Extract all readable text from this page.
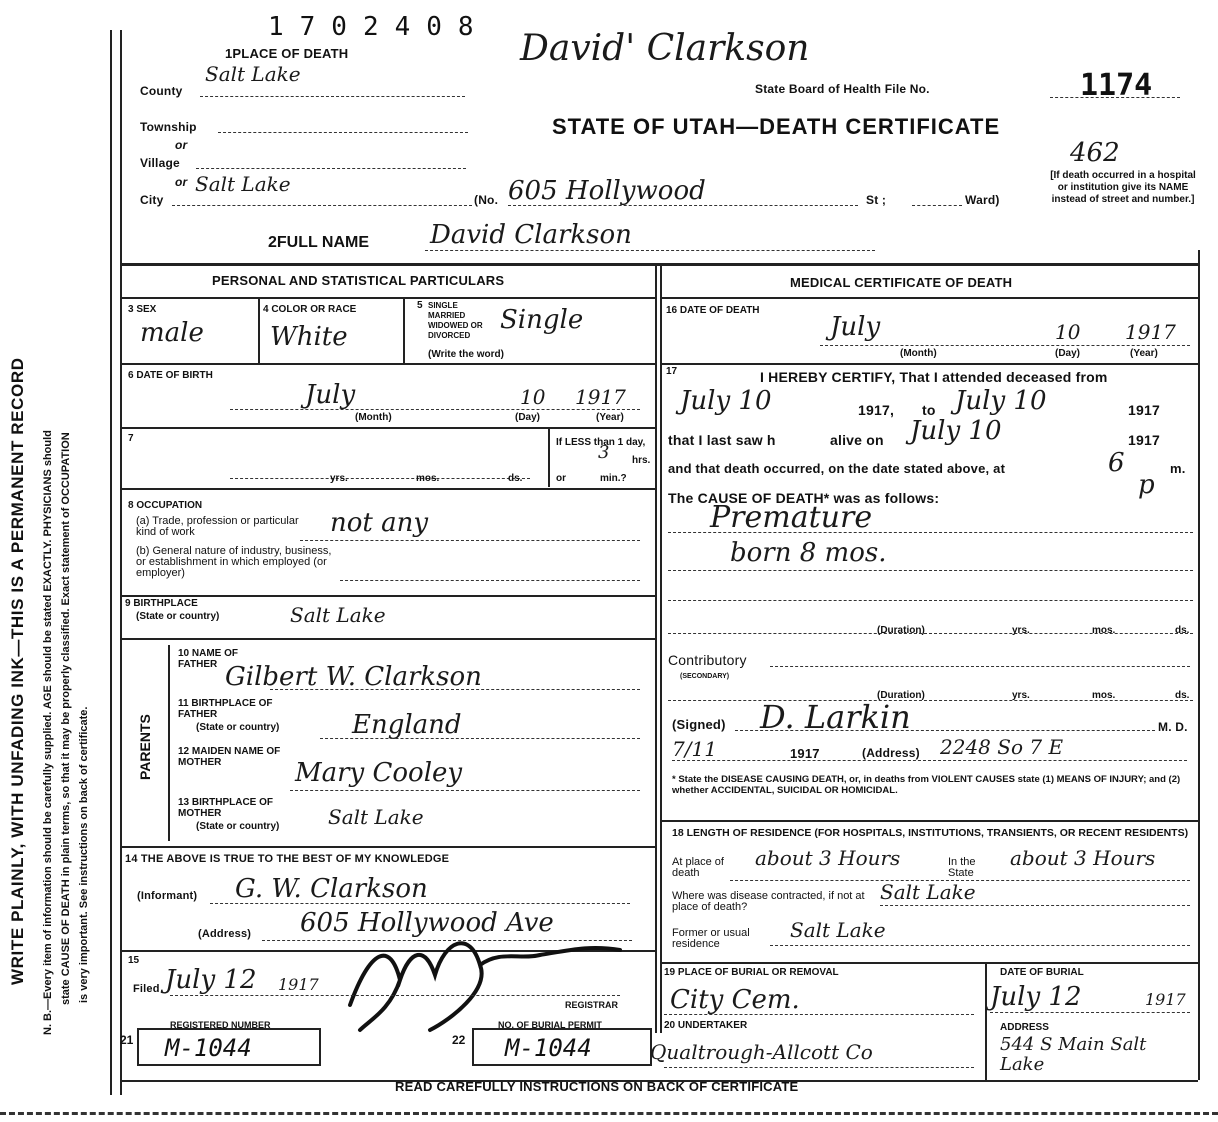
WRITE PLAINLY, WITH UNFADING INK—THIS IS A PERMANENT RECORD N. B.—Every item of information should be carefully supplied. AGE should be stated EXACTLY. PHYSICIANS should state CAUSE OF DEATH in plain terms, so that it may be properly classified. Exact statement of OCCUPATION is very important. See instructions on back of certificate.
1702408
David' Clarkson
1PLACE OF DEATH
County
Salt Lake
State Board of Health File No.	1174
Township
or
Village
or
STATE OF UTAH—DEATH CERTIFICATE
462
[If death occurred in a hospital or institution give its NAME instead of street and number.]
City
Salt Lake
(No. 605 Hollywood	St ;	Ward)
2FULL NAME David Clarkson
PERSONAL AND STATISTICAL PARTICULARS
3 SEX
male
4 COLOR OR RACE
White
5 SINGLE MARRIED WIDOWED OR DIVORCED
(Write the word)
Single
6 DATE OF BIRTH
July	10 1917
(Month)	(Day)	(Year)
7
yrs.	mos.	ds.
If LESS than 1 day,
3 hrs.
or	min.?
8 OCCUPATION
(a) Trade, profession or particular kind of work	not any
(b) General nature of industry, business, or establishment in which employed (or employer)
9 BIRTHPLACE
(State or country)	Salt Lake
PARENTS
10 NAME OF FATHER Gilbert W. Clarkson
11 BIRTHPLACE OF FATHER
(State or country)	England
12 MAIDEN NAME OF MOTHER	Mary Cooley
13 BIRTHPLACE OF MOTHER
(State or country) Salt Lake
14 THE ABOVE IS TRUE TO THE BEST OF MY KNOWLEDGE
(Informant) G. W. Clarkson
(Address) 605 Hollywood Ave
15
Filed July 12 1917
REGISTRAR
REGISTERED NUMBER
21 M-1044
NO. OF BURIAL PERMIT
22 M-1044
MEDICAL CERTIFICATE OF DEATH
16 DATE OF DEATH
July	10 1917
(Month)	(Day)	(Year)
17	I HEREBY CERTIFY, That I attended deceased from
July 10	1917, to July 10	1917
that I last saw h	alive on July 10	1917
and that death occurred, on the date stated above, at	6
p
m.
The CAUSE OF DEATH* was as follows:
Premature
born 8 mos.
(Duration)	yrs.	mos.	ds.
Contributory
(SECONDARY)
(Duration)	yrs.	mos.	ds.
(Signed) D. Larkin	M. D.
7/11	1917	(Address) 2248 So 7 E
* State the DISEASE CAUSING DEATH, or, in deaths from VIOLENT CAUSES state (1) MEANS OF INJURY; and (2) whether ACCIDENTAL, SUICIDAL OR HOMICIDAL.
18 LENGTH OF RESIDENCE (FOR HOSPITALS, INSTITUTIONS, TRANSIENTS, OR RECENT RESIDENTS)
At place of death
about 3 Hours	In the State
about 3 Hours
Where was disease contracted, if not at place of death?
Salt Lake
Former or usual residence
Salt Lake
19 PLACE OF BURIAL OR REMOVAL
City Cem.
DATE OF BURIAL
July 12	1917
20 UNDERTAKER
Qualtrough-Allcott Co
ADDRESS
544 S Main Salt Lake
READ CAREFULLY INSTRUCTIONS ON BACK OF CERTIFICATE
